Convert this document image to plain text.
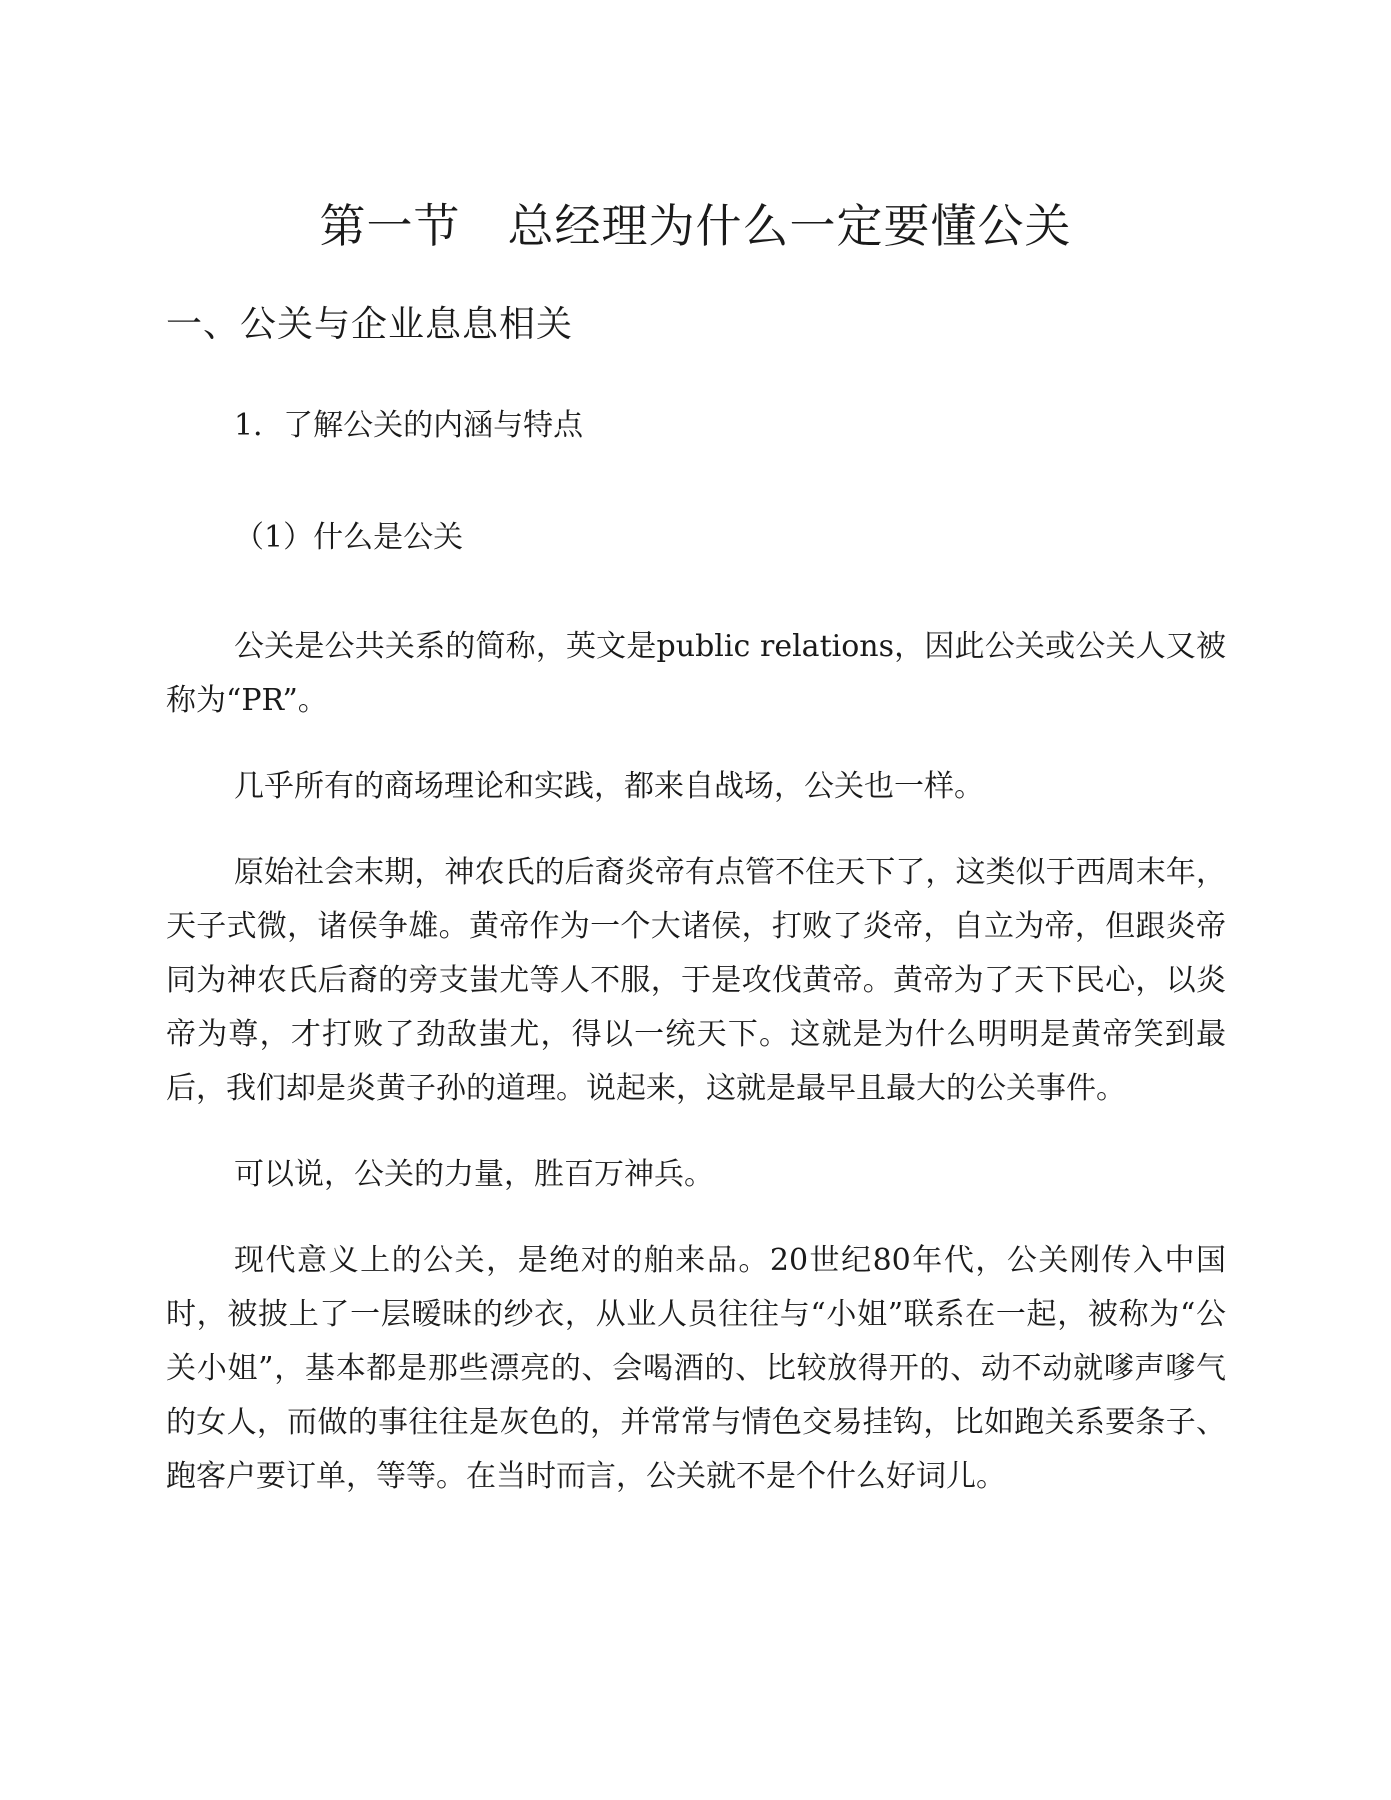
第一节　总经理为什么一定要懂公关
一、公关与企业息息相关
1．了解公关的内涵与特点
（1）什么是公关

公关是公共关系的简称，英文是public relations，因此公关或公关人又被称为“PR”。

几乎所有的商场理论和实践，都来自战场，公关也一样。

原始社会末期，神农氏的后裔炎帝有点管不住天下了，这类似于西周末年，天子式微，诸侯争雄。黄帝作为一个大诸侯，打败了炎帝，自立为帝，但跟炎帝同为神农氏后裔的旁支蚩尤等人不服，于是攻伐黄帝。黄帝为了天下民心，以炎帝为尊，才打败了劲敌蚩尤，得以一统天下。这就是为什么明明是黄帝笑到最后，我们却是炎黄子孙的道理。说起来，这就是最早且最大的公关事件。

可以说，公关的力量，胜百万神兵。

现代意义上的公关，是绝对的舶来品。20世纪80年代，公关刚传入中国时，被披上了一层暧昧的纱衣，从业人员往往与“小姐”联系在一起，被称为“公关小姐”，基本都是那些漂亮的、会喝酒的、比较放得开的、动不动就嗲声嗲气的女人，而做的事往往是灰色的，并常常与情色交易挂钩，比如跑关系要条子、跑客户要订单，等等。在当时而言，公关就不是个什么好词儿。
